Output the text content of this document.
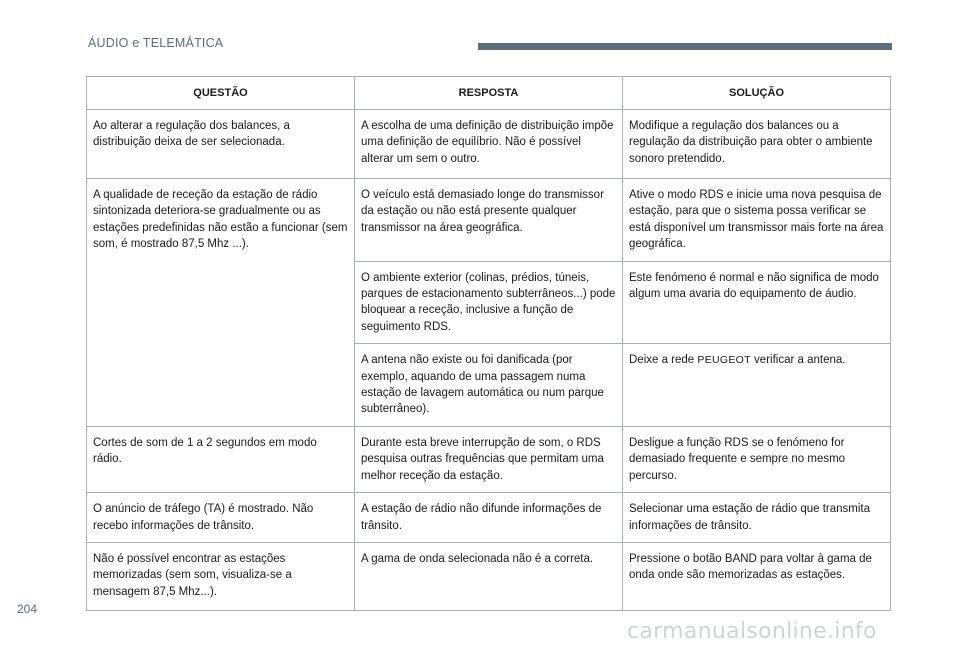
ÁUDIO e TELEMÁTICA
QUESTÃO	RESPOSTA	SOLUÇÃO
Ao alterar a regulação dos balances, a distribuição deixa de ser selecionada.	A escolha de uma definição de distribuição impõe uma definição de equilíbrio. Não é possível alterar um sem o outro.	Modifique a regulação dos balances ou a regulação da distribuição para obter o ambiente sonoro pretendido.
A qualidade de receção da estação de rádio sintonizada deteriora-se gradualmente ou as estações predefinidas não estão a funcionar (sem som, é mostrado 87,5 Mhz ...).	O veículo está demasiado longe do transmissor da estação ou não está presente qualquer transmissor na área geográfica.	Ative o modo RDS e inicie uma nova pesquisa de estação, para que o sistema possa verificar se está disponível um transmissor mais forte na área geográfica.
	O ambiente exterior (colinas, prédios, túneis, parques de estacionamento subterrâneos...) pode bloquear a receção, inclusive a função de seguimento RDS.	Este fenómeno é normal e não significa de modo algum uma avaria do equipamento de áudio.
	A antena não existe ou foi danificada (por exemplo, aquando de uma passagem numa estação de lavagem automática ou num parque subterrâneo).	Deixe a rede PEUGEOT verificar a antena.
Cortes de som de 1 a 2 segundos em modo rádio.	Durante esta breve interrupção de som, o RDS pesquisa outras frequências que permitam uma melhor receção da estação.	Desligue a função RDS se o fenómeno for demasiado frequente e sempre no mesmo percurso.
O anúncio de tráfego (TA) é mostrado. Não recebo informações de trânsito.	A estação de rádio não difunde informações de trânsito.	Selecionar uma estação de rádio que transmita informações de trânsito.
Não é possível encontrar as estações memorizadas (sem som, visualiza-se a mensagem 87,5 Mhz...).	A gama de onda selecionada não é a correta.	Pressione o botão BAND para voltar à gama de onda onde são memorizadas as estações.
204
carmanualsonline.info
